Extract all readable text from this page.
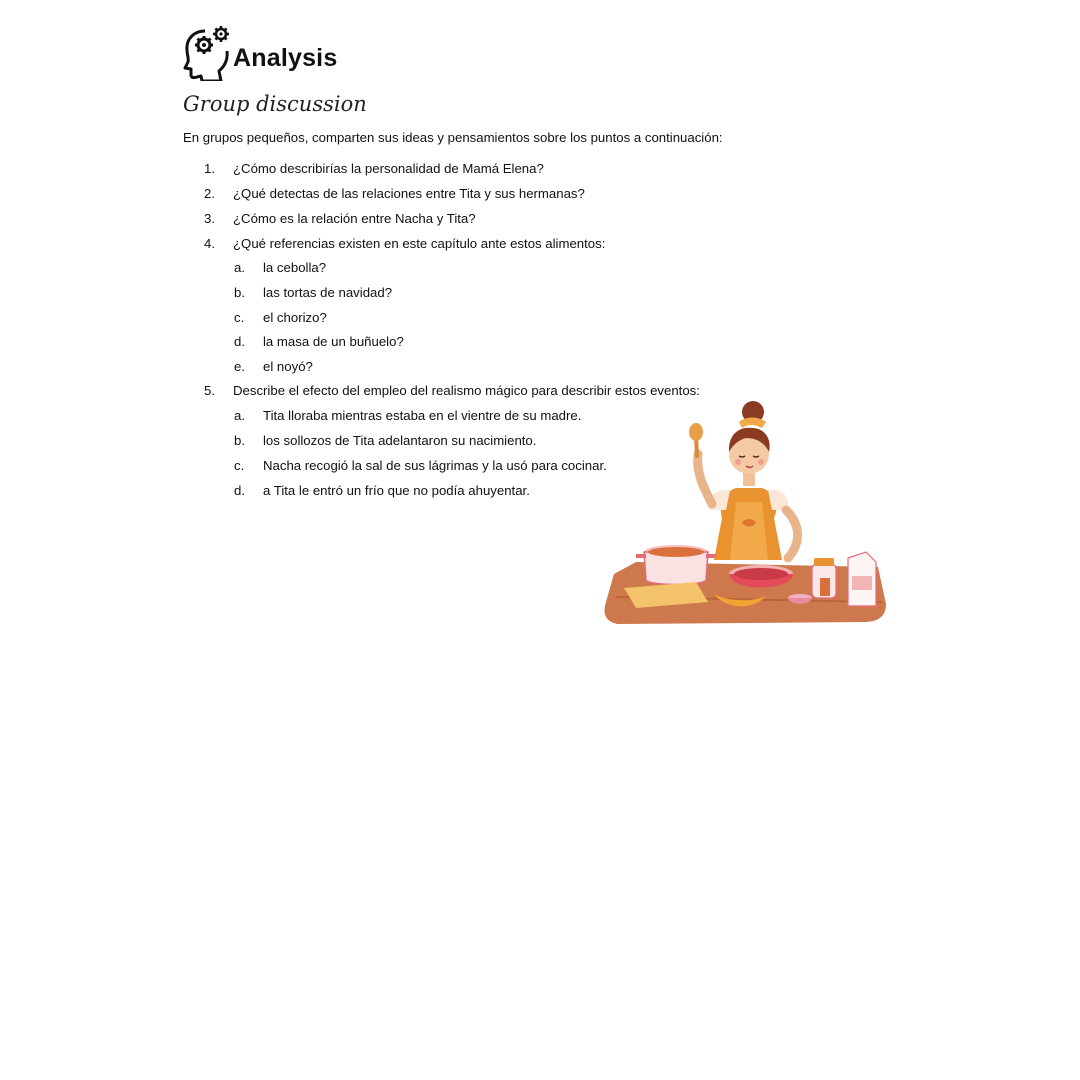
Analysis
Group discussion
En grupos pequeños, comparten sus ideas y pensamientos sobre los puntos a continuación:
1. ¿Cómo describirías la personalidad de Mamá Elena?
2. ¿Qué detectas de las relaciones entre Tita y sus hermanas?
3. ¿Cómo es la relación entre Nacha y Tita?
4. ¿Qué referencias existen en este capítulo ante estos alimentos:
a. la cebolla?
b. las tortas de navidad?
c. el chorizo?
d. la masa de un buñuelo?
e. el noyó?
5. Describe el efecto del empleo del realismo mágico para describir estos eventos:
a. Tita lloraba mientras estaba en el vientre de su madre.
b. los sollozos de Tita adelantaron su nacimiento.
c. Nacha recogió la sal de sus lágrimas y la usó para cocinar.
d. a Tita le entró un frío que no podía ahuyentar.
